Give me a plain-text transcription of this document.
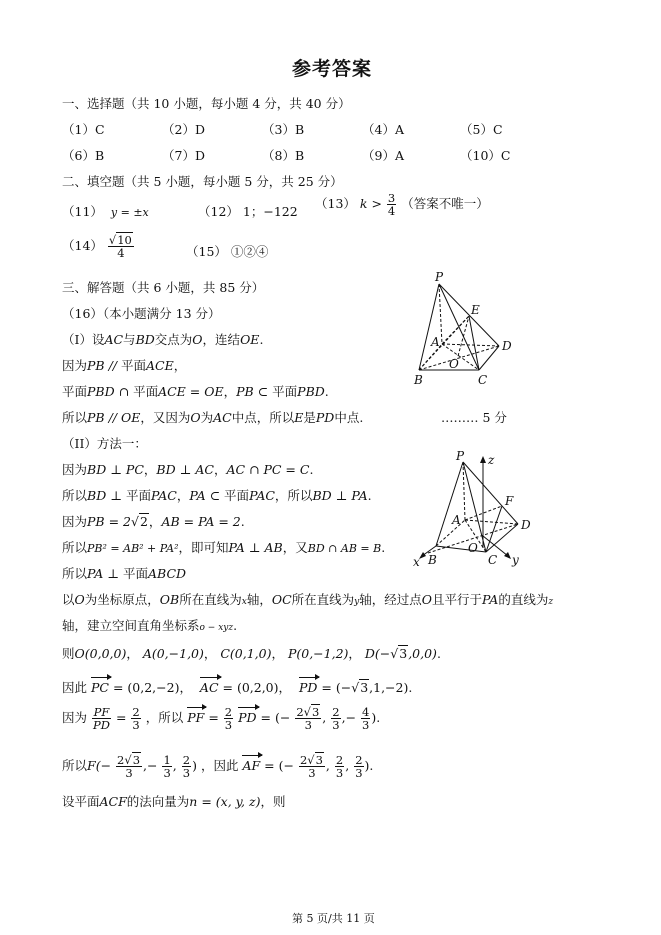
参考答案
一、选择题（共 10 小题，每小题 4 分，共 40 分）
（1）C	（2）D	（3）B	（4）A	（5）C
（6）B	（7）D	（8）B	（9）A	（10）C
二、填空题（共 5 小题，每小题 5 分，共 25 分）
（11） y = ±x	（12） 1；−122
（13） $k > \frac{3}{4}$ （答案不唯一）
$(14) \frac{√10}{4}$	（15） ①②④
三、解答题（共 6 小题，共 85 分）
（16）（本小题满分 13 分）
（Ⅰ）设AC与BD交点为O，连结OE.
因为PB // 平面ACE，
平面PBD ∩ 平面ACE = OE，PB ⊂ 平面PBD.
所以PB // OE，又因为O为AC中点，所以E是PD中点.	……… 5 分
（II）方法一：
因为BD ⊥ PC，BD ⊥ AC，AC ∩ PC = C.
所以BD ⊥ 平面PAC，PA ⊂ 平面PAC，所以BD ⊥ PA.
因为PB = 2√2，AB = PA = 2.
所以PB² = AB² + PA²，即可知PA ⊥ AB，又BD ∩ AB = B.
所以PA ⊥ 平面ABCD
以O为坐标原点，OB所在直线为x轴，OC所在直线为y轴，经过点O且平行于PA的直线为z
轴，建立空间直角坐标系o − xyz.
则O(0,0,0)， A(0,−1,0)， C(0,1,0)， P(0,−1,2)， D(−√3,0,0).
因此 PC = (0,2,−2)，  AC = (0,2,0)，  PD = (−√3,1,−2).
因为 $\frac{PF}{PD} = \frac{2}{3}$ ，所以 PF = $\frac{2}{3}$ PD = (− $\frac{2√3}{3}$ , $\frac{2}{3}$ ,− $\frac{4}{3}$ ).
所以$F(- \frac{2√3}{3}$ ,− $\frac{1}{3}$ , $\frac{2}{3}$ ) ，因此 AF = (− $\frac{2√3}{3}$ , $\frac{2}{3}$ , $\frac{2}{3}$ ).
设平面ACF的法向量为n = (x, y, z)，则
P
E
A	D
O
B	C
P z
F
A	D
O
x B	C y
第 5 页/共 11 页
